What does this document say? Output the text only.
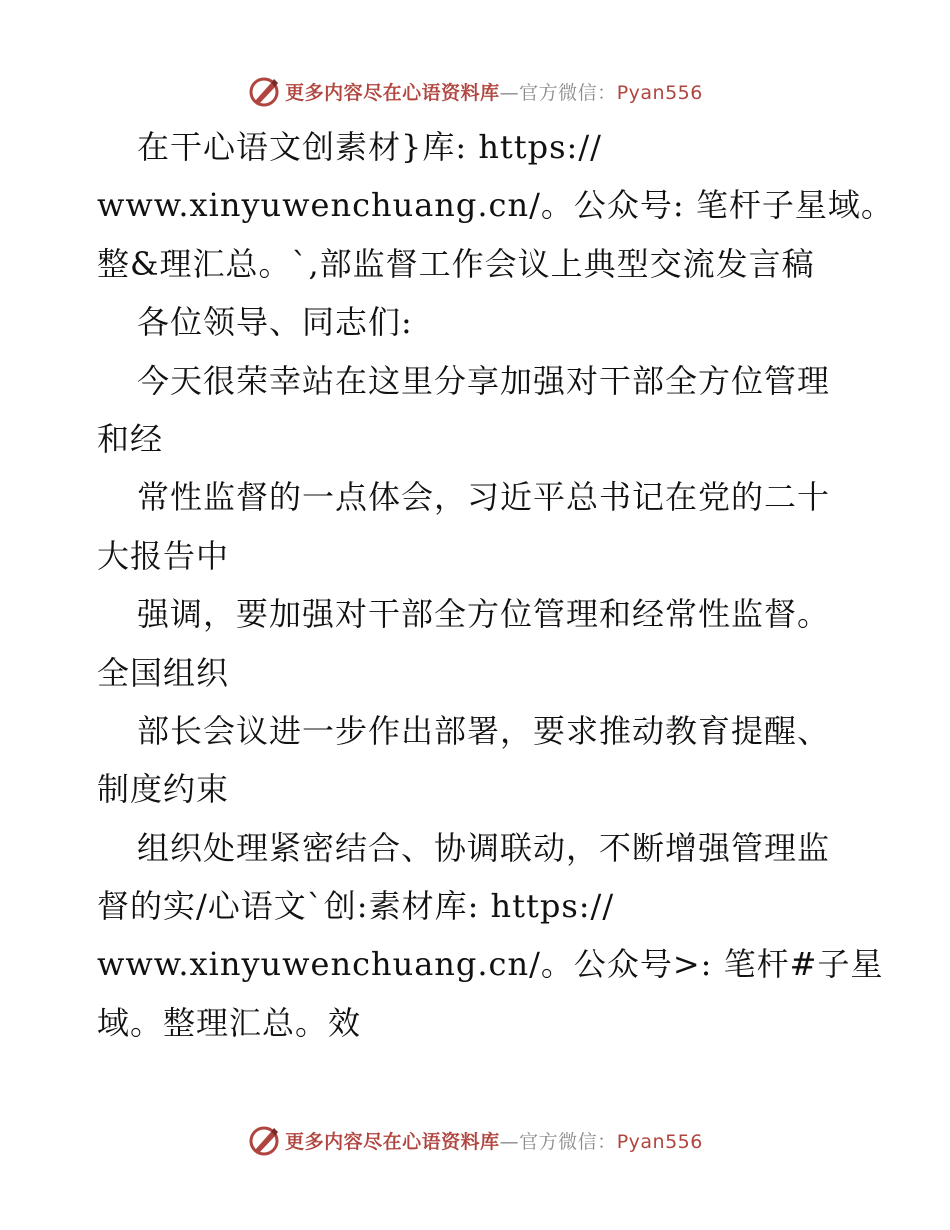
更多内容尽在心语资料库—官方微信：Pyan556
在干心语文创素材}库: https://
www.xinyuwenchuang.cn/。公众号: 笔杆子星域。
整&理汇总。`,部监督工作会议上典型交流发言稿
各位领导、同志们:
今天很荣幸站在这里分享加强对干部全方位管理
和经
常性监督的一点体会，习近平总书记在党的二十
大报告中
强调，要加强对干部全方位管理和经常性监督。
全国组织
部长会议进一步作出部署，要求推动教育提醒、
制度约束
组织处理紧密结合、协调联动，不断增强管理监
督的实/心语文`创:素材库: https://
www.xinyuwenchuang.cn/。公众号>: 笔杆#子星
域。整理汇总。效
更多内容尽在心语资料库—官方微信：Pyan556
